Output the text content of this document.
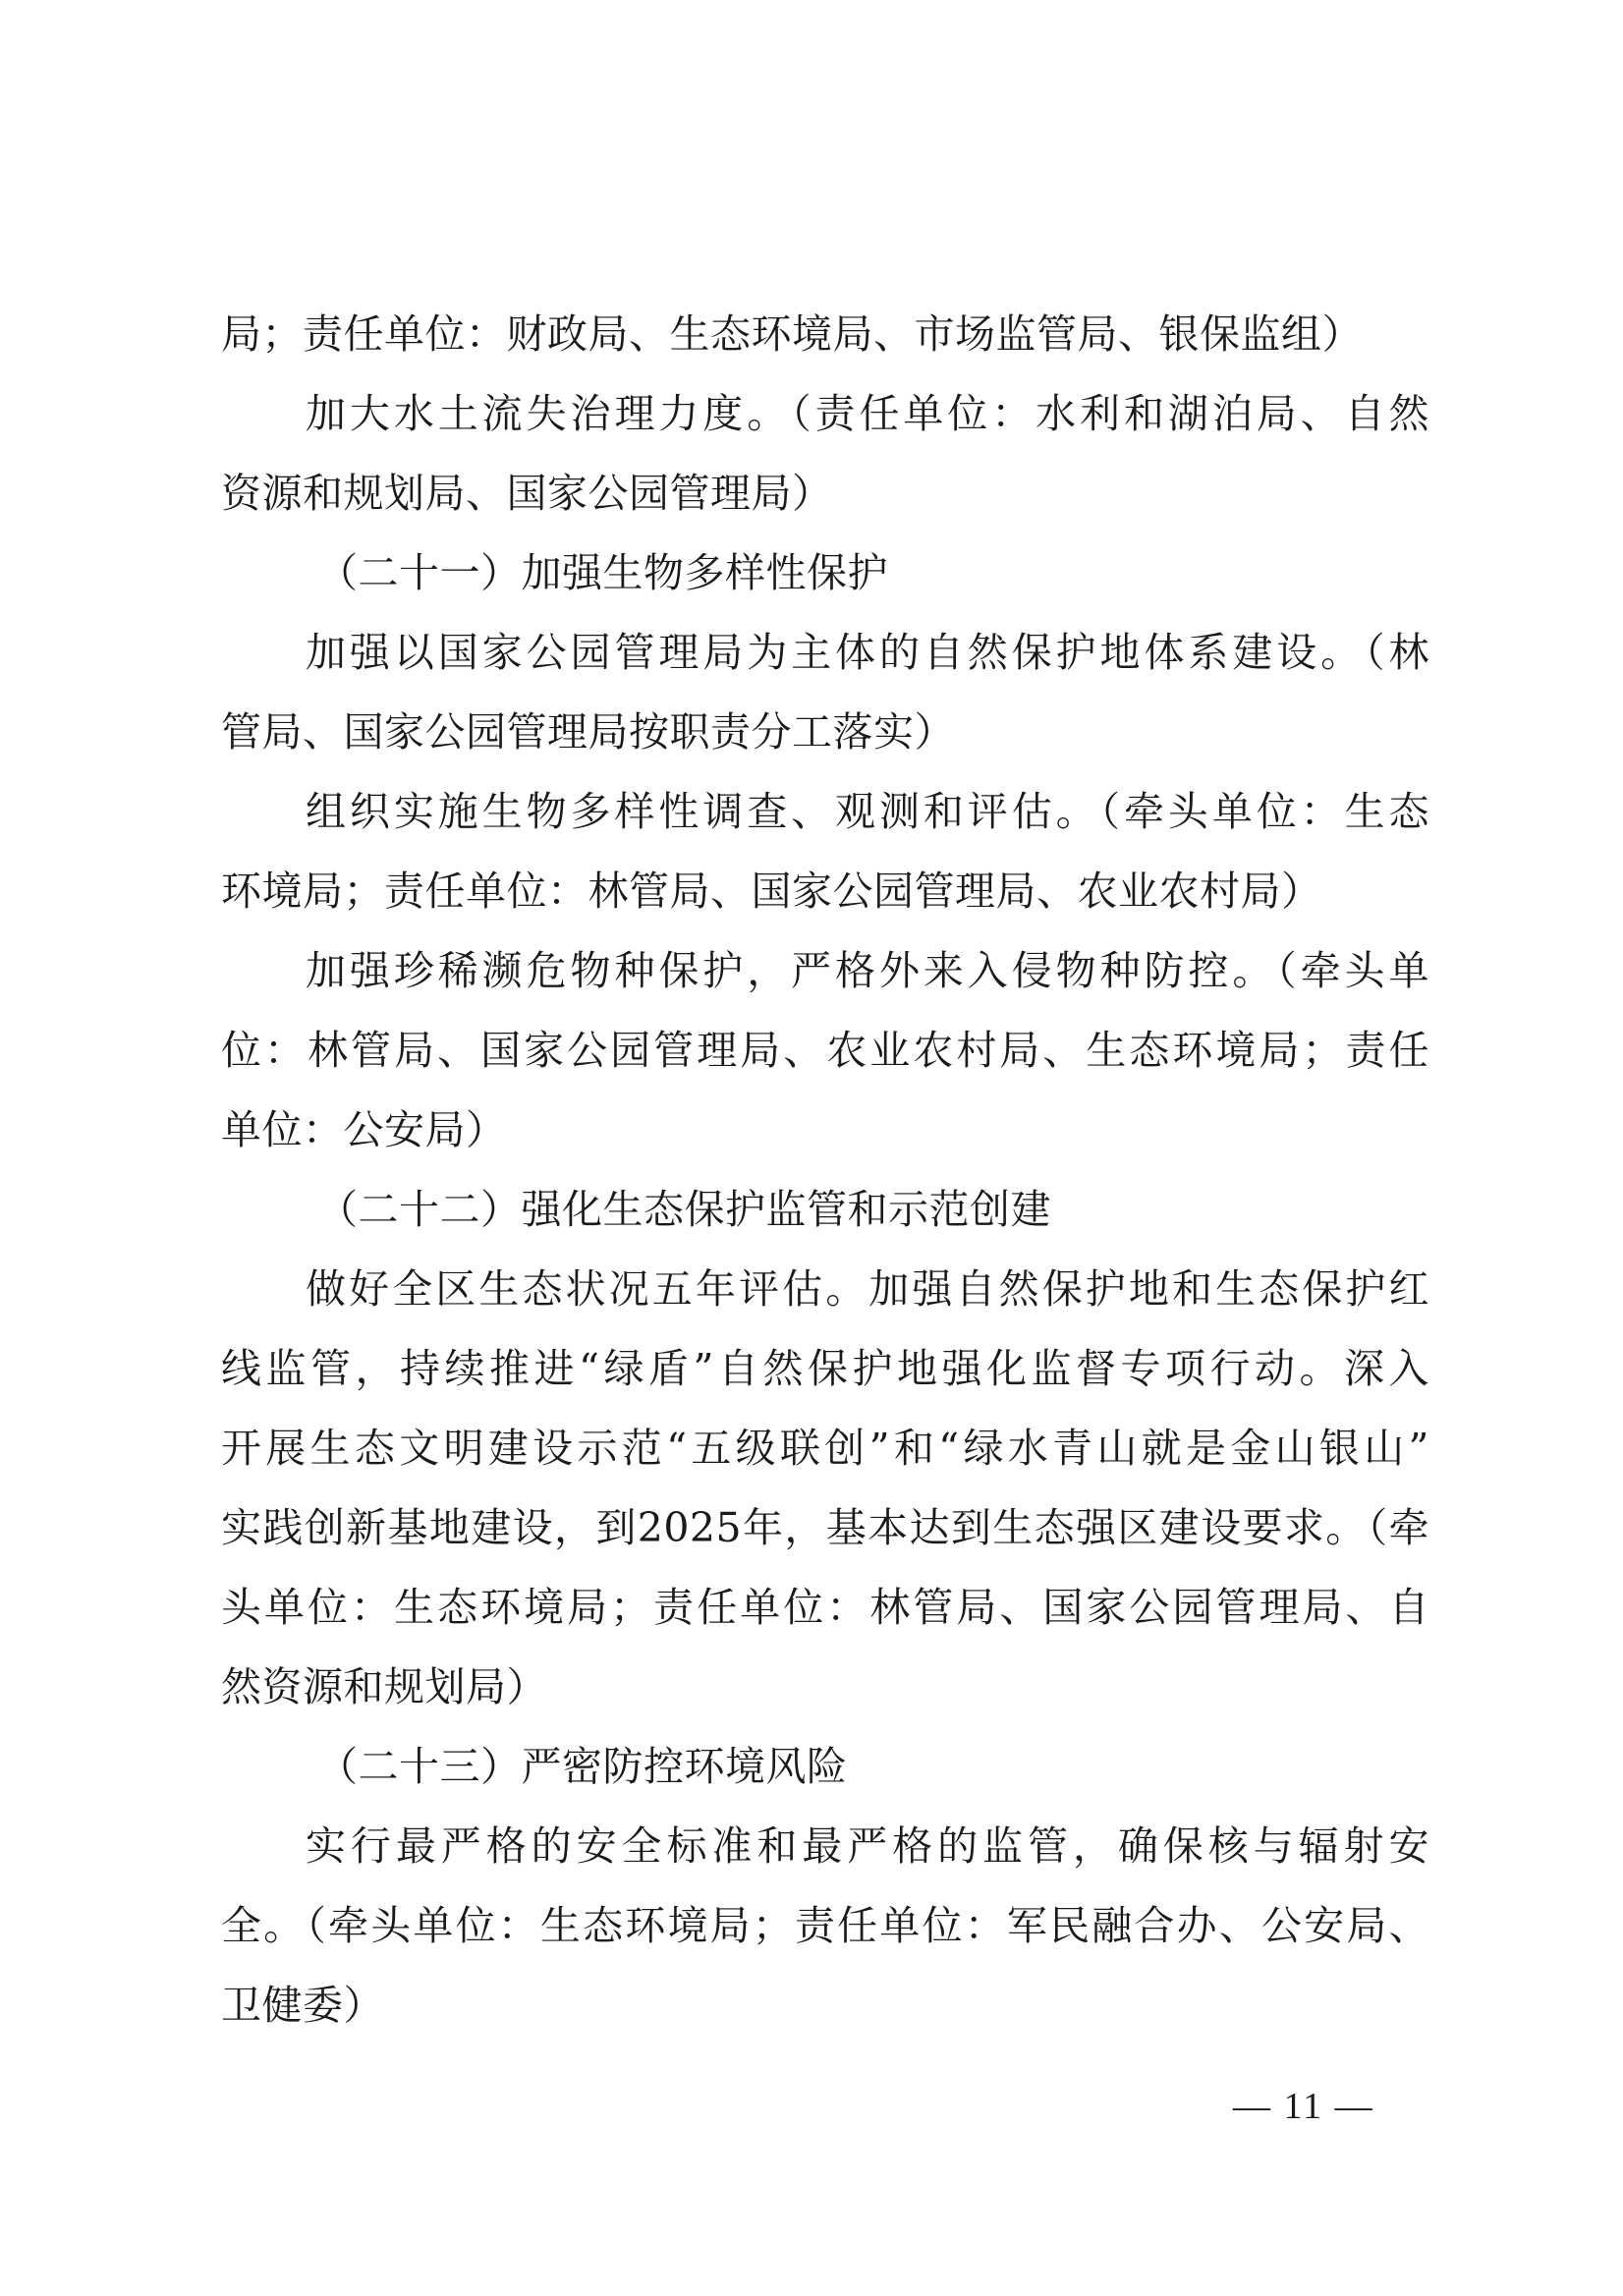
局；责任单位：财政局、生态环境局、市场监管局、银保监组）
加大水土流失治理力度。（责任单位：水利和湖泊局、自然
资源和规划局、国家公园管理局）
（二十一）加强生物多样性保护
加强以国家公园管理局为主体的自然保护地体系建设。（林
管局、国家公园管理局按职责分工落实）
组织实施生物多样性调查、观测和评估。（牵头单位：生态
环境局；责任单位：林管局、国家公园管理局、农业农村局）
加强珍稀濒危物种保护，严格外来入侵物种防控。（牵头单
位：林管局、国家公园管理局、农业农村局、生态环境局；责任
单位：公安局）
（二十二）强化生态保护监管和示范创建
做好全区生态状况五年评估。加强自然保护地和生态保护红
线监管，持续推进“绿盾”自然保护地强化监督专项行动。深入
开展生态文明建设示范“五级联创”和“绿水青山就是金山银山”
实践创新基地建设，到2025年，基本达到生态强区建设要求。（牵
头单位：生态环境局；责任单位：林管局、国家公园管理局、自
然资源和规划局）
（二十三）严密防控环境风险
实行最严格的安全标准和最严格的监管，确保核与辐射安
全。（牵头单位：生态环境局；责任单位：军民融合办、公安局、
卫健委）
— 11 —
